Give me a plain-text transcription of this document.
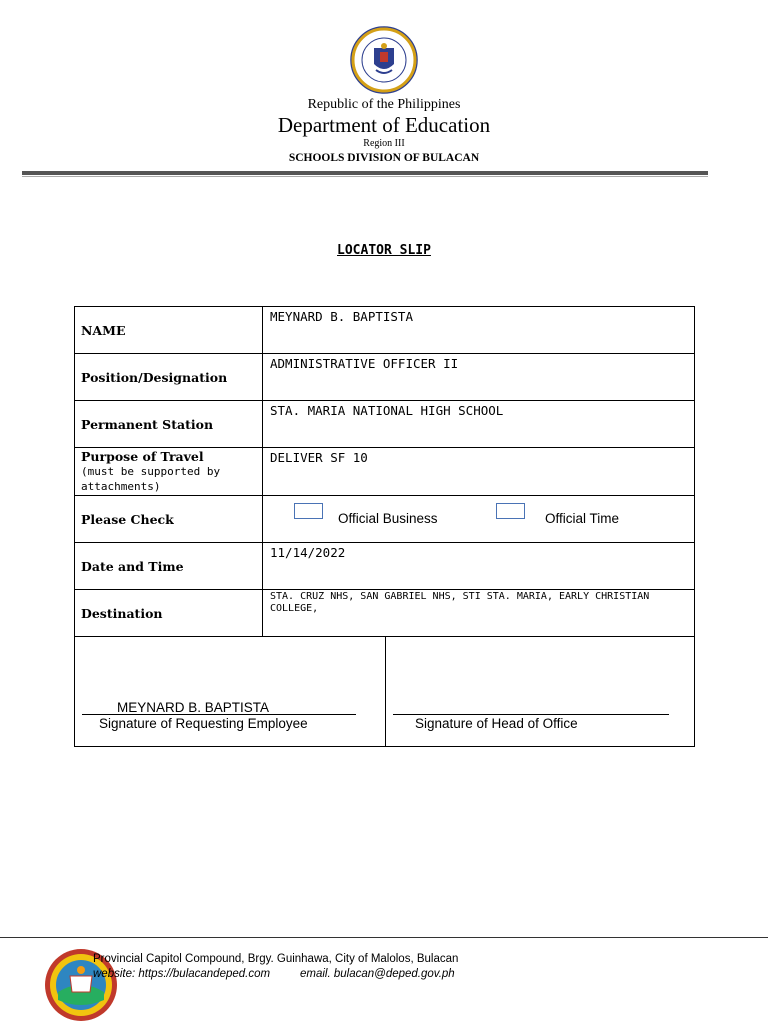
Republic of the Philippines
Department of Education
Region III
SCHOOLS DIVISION OF BULACAN
LOCATOR SLIP
NAME	MEYNARD B. BAPTISTA
Position/Designation	ADMINISTRATIVE OFFICER II
Permanent Station	STA. MARIA NATIONAL HIGH SCHOOL
Purpose of Travel
(must be supported by attachments)	DELIVER SF 10
Please Check	Official Business Official Time

Date and Time	11/14/2022
Destination	STA. CRUZ NHS, SAN GABRIEL NHS, STI STA. MARIA, EARLY CHRISTIAN COLLEGE,
MEYNARD B. BAPTISTA
Signature of Requesting Employee	Signature of Head of Office
Provincial Capitol Compound, Brgy. Guinhawa, City of Malolos, Bulacan
website: https://bulacandeped.com	email. bulacan@deped.gov.ph
